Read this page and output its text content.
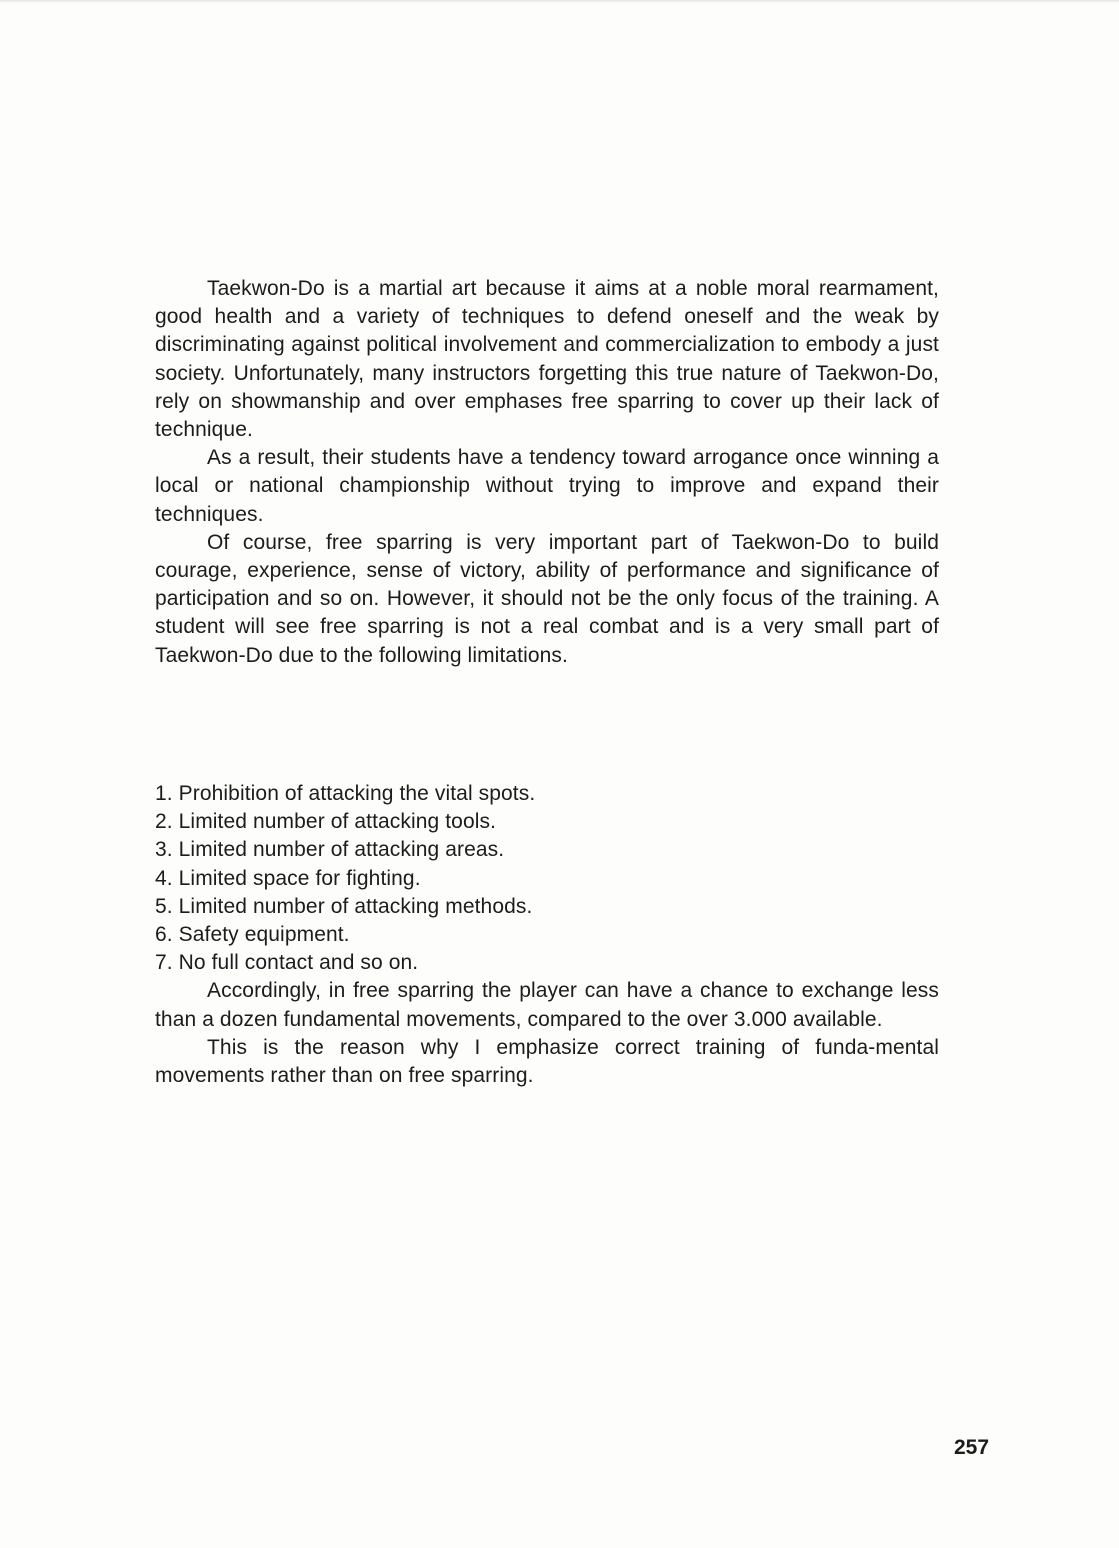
Taekwon-Do is a martial art because it aims at a noble moral rearmament, good health and a variety of techniques to defend oneself and the weak by discriminating against political involvement and commercialization to embody a just society. Unfortunately, many instructors forgetting this true nature of Taekwon-Do, rely on showmanship and over emphases free sparring to cover up their lack of technique.

As a result, their students have a tendency toward arrogance once winning a local or national championship without trying to improve and expand their techniques.

Of course, free sparring is very important part of Taekwon-Do to build courage, experience, sense of victory, ability of performance and significance of participation and so on. However, it should not be the only focus of the training. A student will see free sparring is not a real combat and is a very small part of Taekwon-Do due to the following limitations.

1. Prohibition of attacking the vital spots.
2. Limited number of attacking tools.
3. Limited number of attacking areas.
4. Limited space for fighting.
5. Limited number of attacking methods.
6. Safety equipment.
7. No full contact and so on.

Accordingly, in free sparring the player can have a chance to exchange less than a dozen fundamental movements, compared to the over 3.000 available.

This is the reason why I emphasize correct training of funda-mental movements rather than on free sparring.

257
